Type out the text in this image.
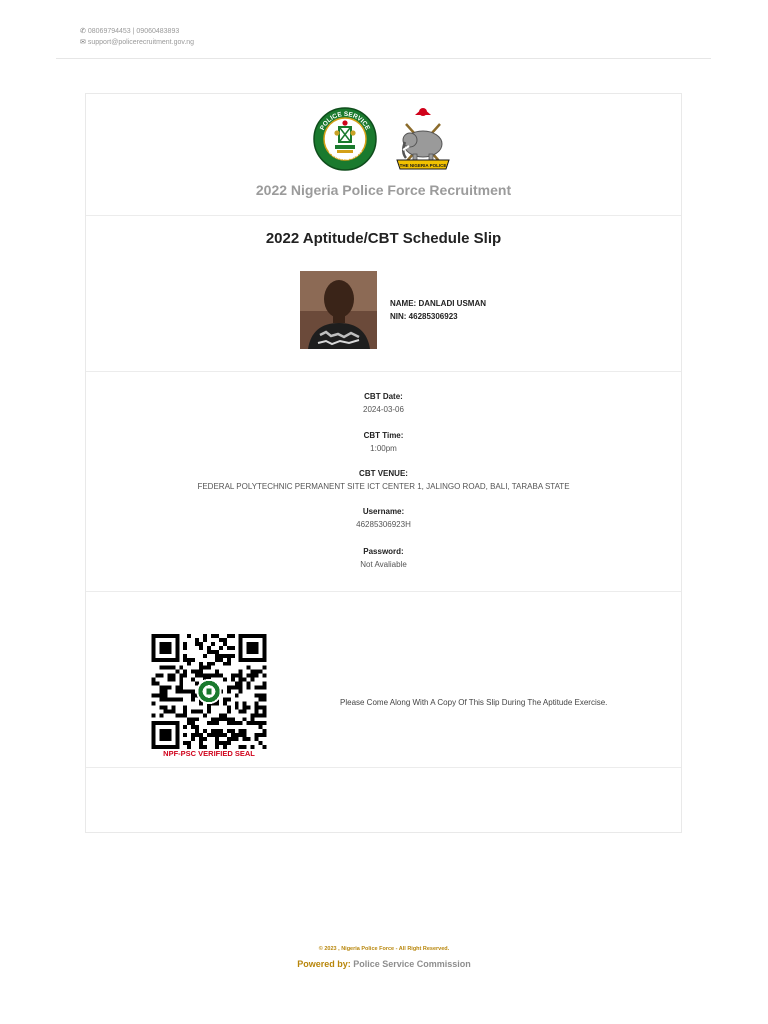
✆ 08069794453 | 09060483893
✉ support@policerecruitment.gov.ng
POLICE SERVICE
COMMISSION
THE NIGERIA POLICE
2022 Nigeria Police Force Recruitment
2022 Aptitude/CBT Schedule Slip
NAME: DANLADI USMAN
NIN: 46285306923
CBT Date:
2024-03-06
CBT Time:
1:00pm
CBT VENUE:
FEDERAL POLYTECHNIC PERMANENT SITE ICT CENTER 1, JALINGO ROAD, BALI, TARABA STATE
Username:
46285306923H
Password:
Not Avaliable
NPF-PSC VERIFIED SEAL
Please Come Along With A Copy Of This Slip During The Aptitude Exercise.
© 2023 , Nigeria Police Force - All Right Reserved.
Powered by: Police Service Commission
